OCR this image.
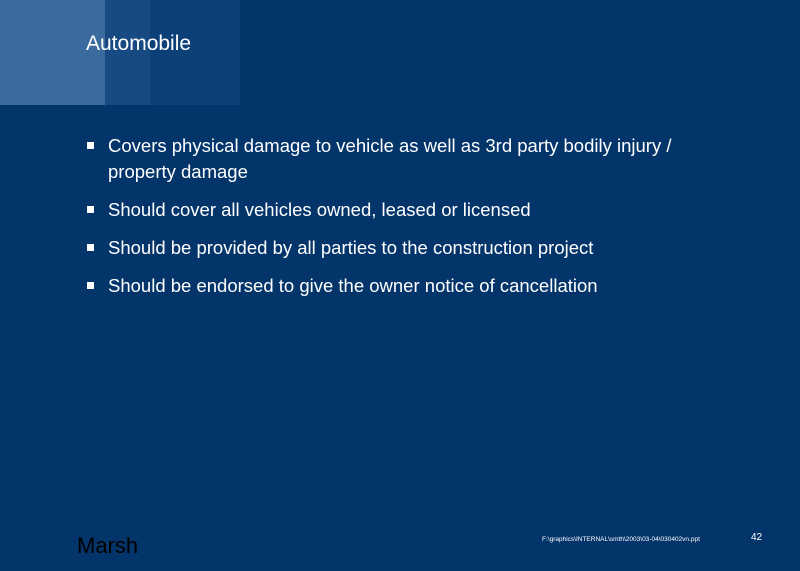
Automobile
Covers physical damage to vehicle as well as 3rd party bodily injury / property damage
Should cover all vehicles owned, leased or licensed
Should be provided by all parties to the construction project
Should be endorsed to give the owner notice of cancellation
Marsh	F:\graphics\INTERNAL\smth\2003\03-04\030402vn.ppt	42
